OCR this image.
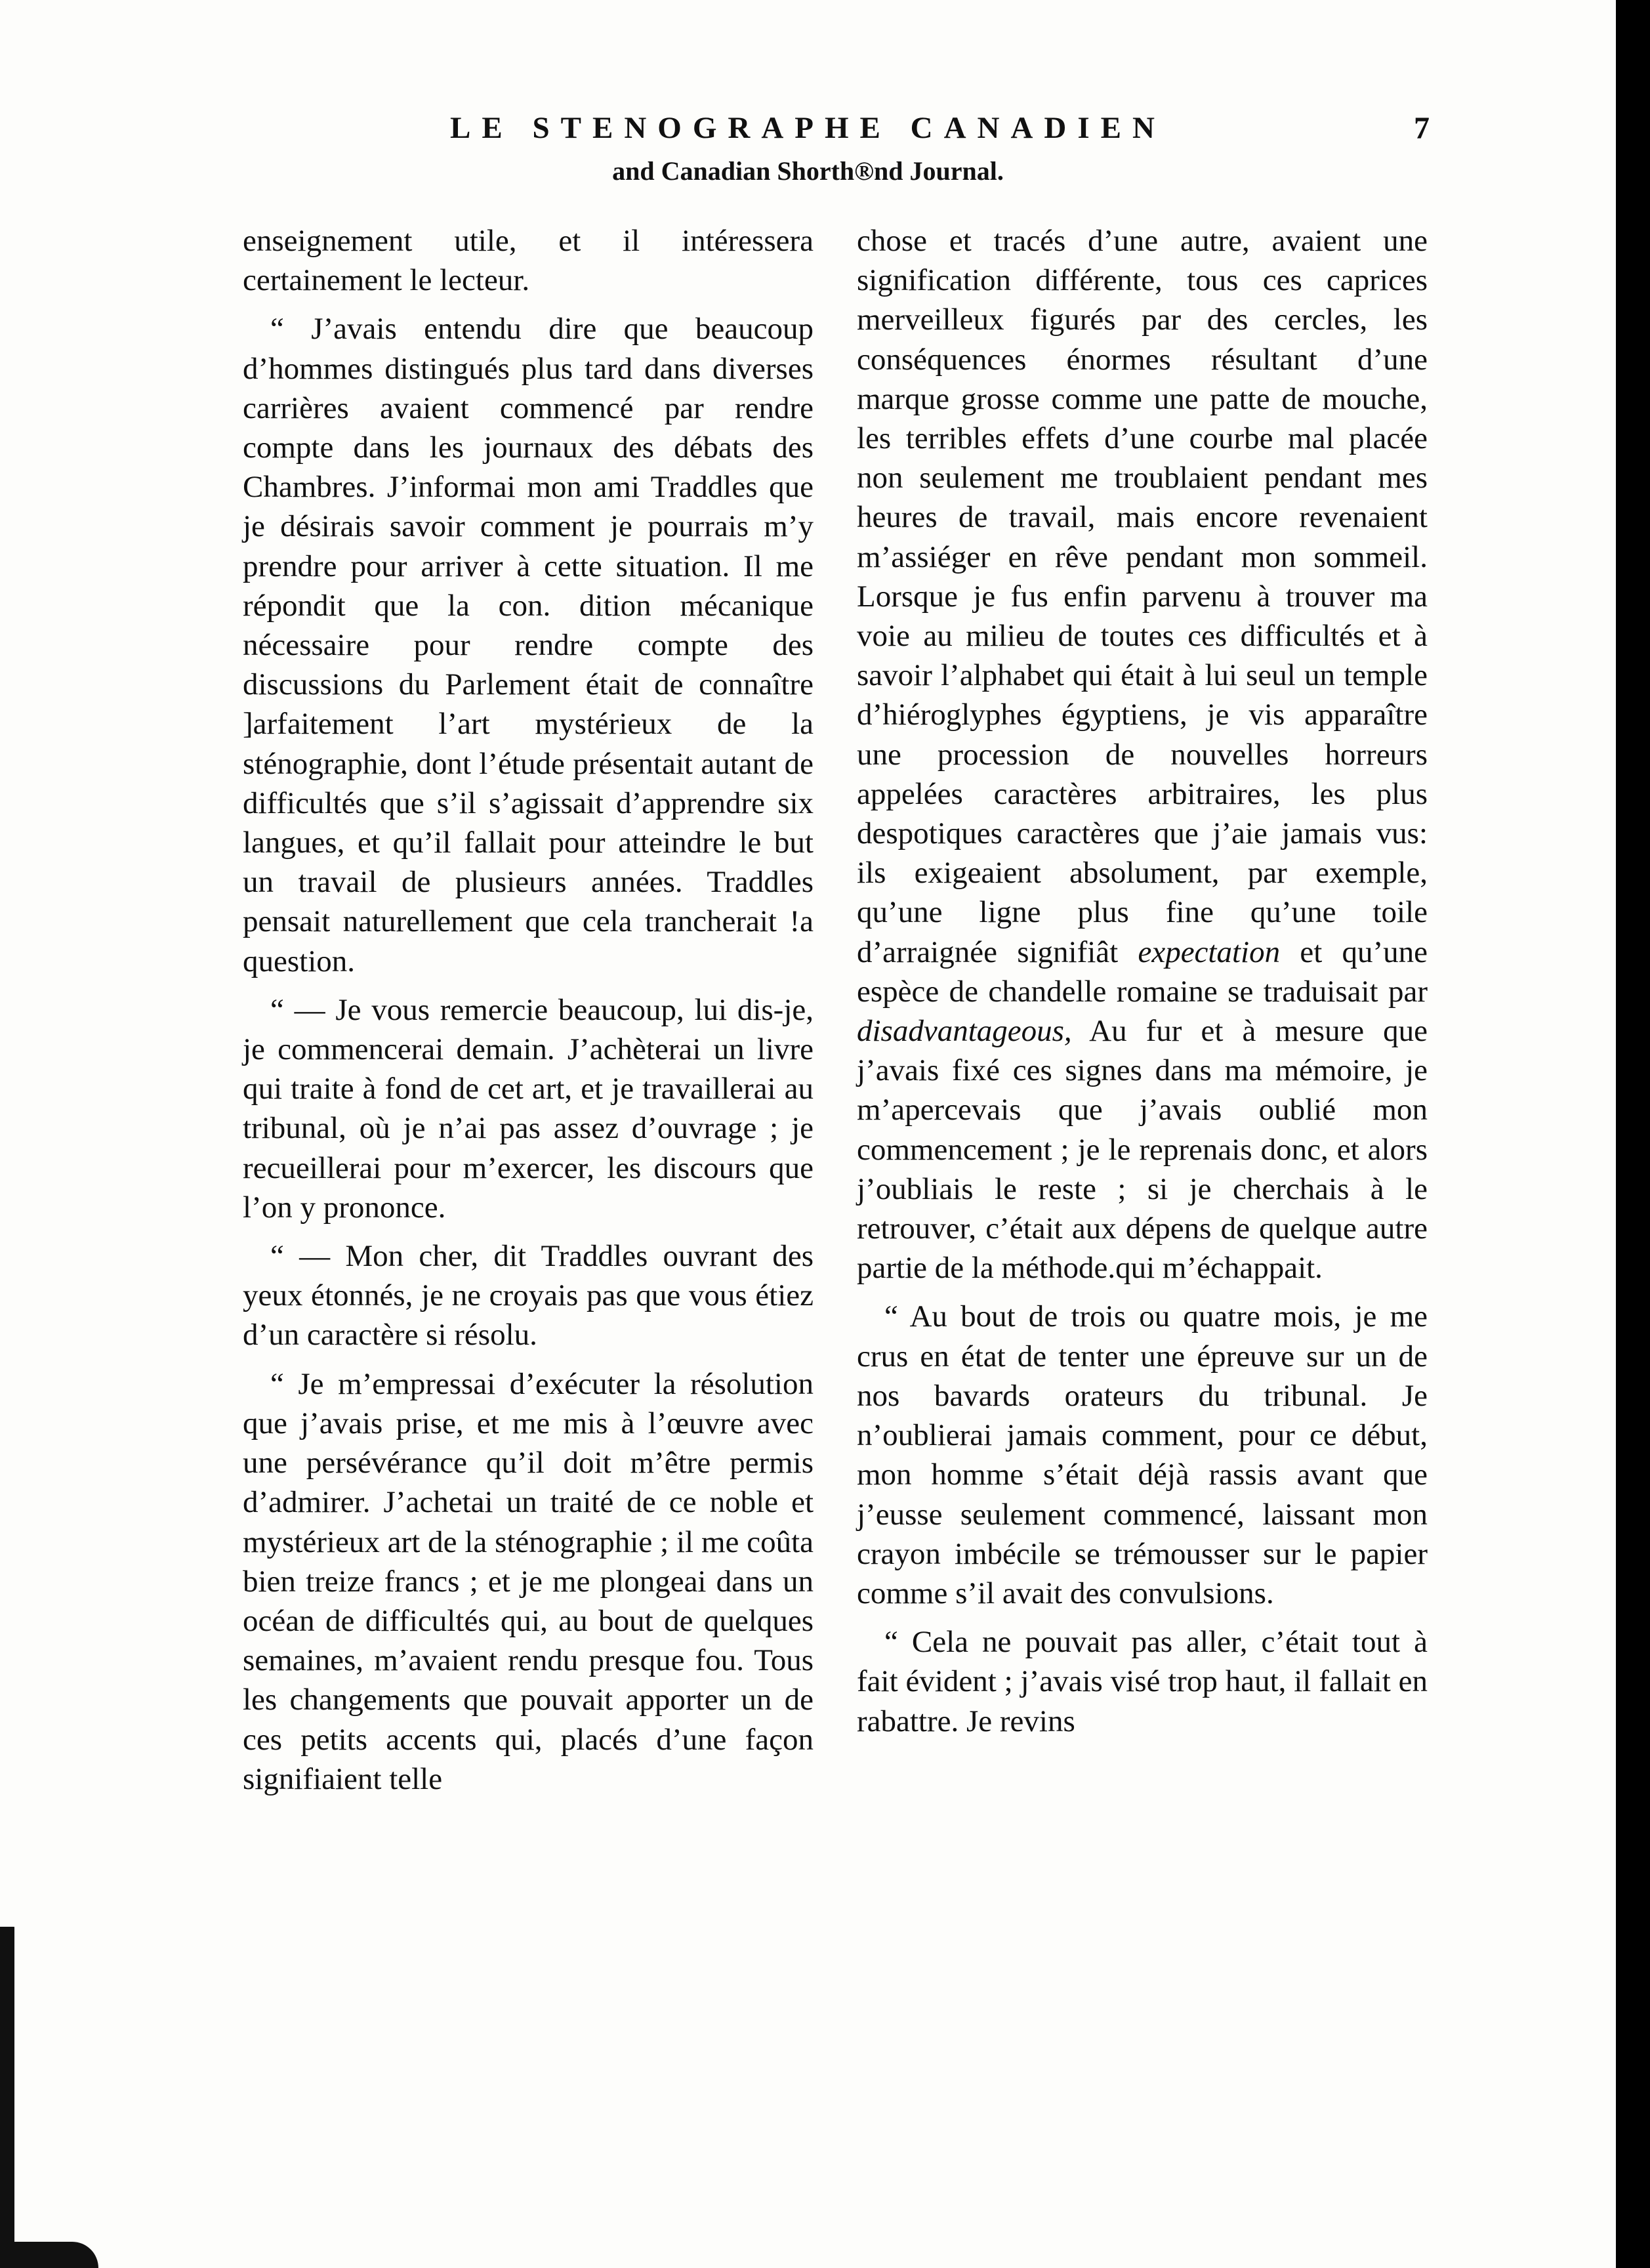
LE STENOGRAPHE CANADIEN
and Canadian Shorth®nd Journal.
7

enseignement utile, et il intéressera certainement le lecteur.

“ J’avais entendu dire que beaucoup d’hommes distingués plus tard dans diverses carrières avaient commencé par rendre compte dans les journaux des débats des Chambres. J’informai mon ami Traddles que je désirais savoir comment je pourrais m’y prendre pour arriver à cette situation. Il me répondit que la con. dition mécanique nécessaire pour rendre compte des discussions du Parlement était de connaître ]arfaitement l’art mystérieux de la sténographie, dont l’étude présentait autant de difficultés que s’il s’agissait d’apprendre six langues, et qu’il fallait pour atteindre le but un travail de plusieurs années. Traddles pensait naturellement que cela trancherait !a question.

“ — Je vous remercie beaucoup, lui dis-je, je commencerai demain. J’achèterai un livre qui traite à fond de cet art, et je travaillerai au tribunal, où je n’ai pas assez d’ouvrage ; je recueillerai pour m’exercer, les discours que l’on y prononce.

“ — Mon cher, dit Traddles ouvrant des yeux étonnés, je ne croyais pas que vous étiez d’un caractère si résolu.

“ Je m’empressai d’exécuter la résolution que j’avais prise, et me mis à l’œuvre avec une persévérance qu’il doit m’être permis d’admirer. J’achetai un traité de ce noble et mystérieux art de la sténographie ; il me coûta bien treize francs ; et je me plongeai dans un océan de difficultés qui, au bout de quelques semaines, m’avaient rendu presque fou. Tous les changements que pouvait apporter un de ces petits accents qui, placés d’une façon signifiaient telle

chose et tracés d’une autre, avaient une signification différente, tous ces caprices merveilleux figurés par des cercles, les conséquences énormes résultant d’une marque grosse comme une patte de mouche, les terribles effets d’une courbe mal placée non seulement me troublaient pendant mes heures de travail, mais encore revenaient m’assiéger en rêve pendant mon sommeil. Lorsque je fus enfin parvenu à trouver ma voie au milieu de toutes ces difficultés et à savoir l’alphabet qui était à lui seul un temple d’hiéroglyphes égyptiens, je vis apparaître une procession de nouvelles horreurs appelées caractères arbitraires, les plus despotiques caractères que j’aie jamais vus: ils exigeaient absolument, par exemple, qu’une ligne plus fine qu’une toile d’arraignée signifiât expectation et qu’une espèce de chandelle romaine se traduisait par disadvantageous, Au fur et à mesure que j’avais fixé ces signes dans ma mémoire, je m’apercevais que j’avais oublié mon commencement ; je le reprenais donc, et alors j’oubliais le reste ; si je cherchais à le retrouver, c’était aux dépens de quelque autre partie de la méthode.qui m’échappait.

“ Au bout de trois ou quatre mois, je me crus en état de tenter une épreuve sur un de nos bavards orateurs du tribunal. Je n’oublierai jamais comment, pour ce début, mon homme s’était déjà rassis avant que j’eusse seulement commencé, laissant mon crayon imbécile se trémousser sur le papier comme s’il avait des convulsions.

“ Cela ne pouvait pas aller, c’était tout à fait évident ; j’avais visé trop haut, il fallait en rabattre. Je revins
